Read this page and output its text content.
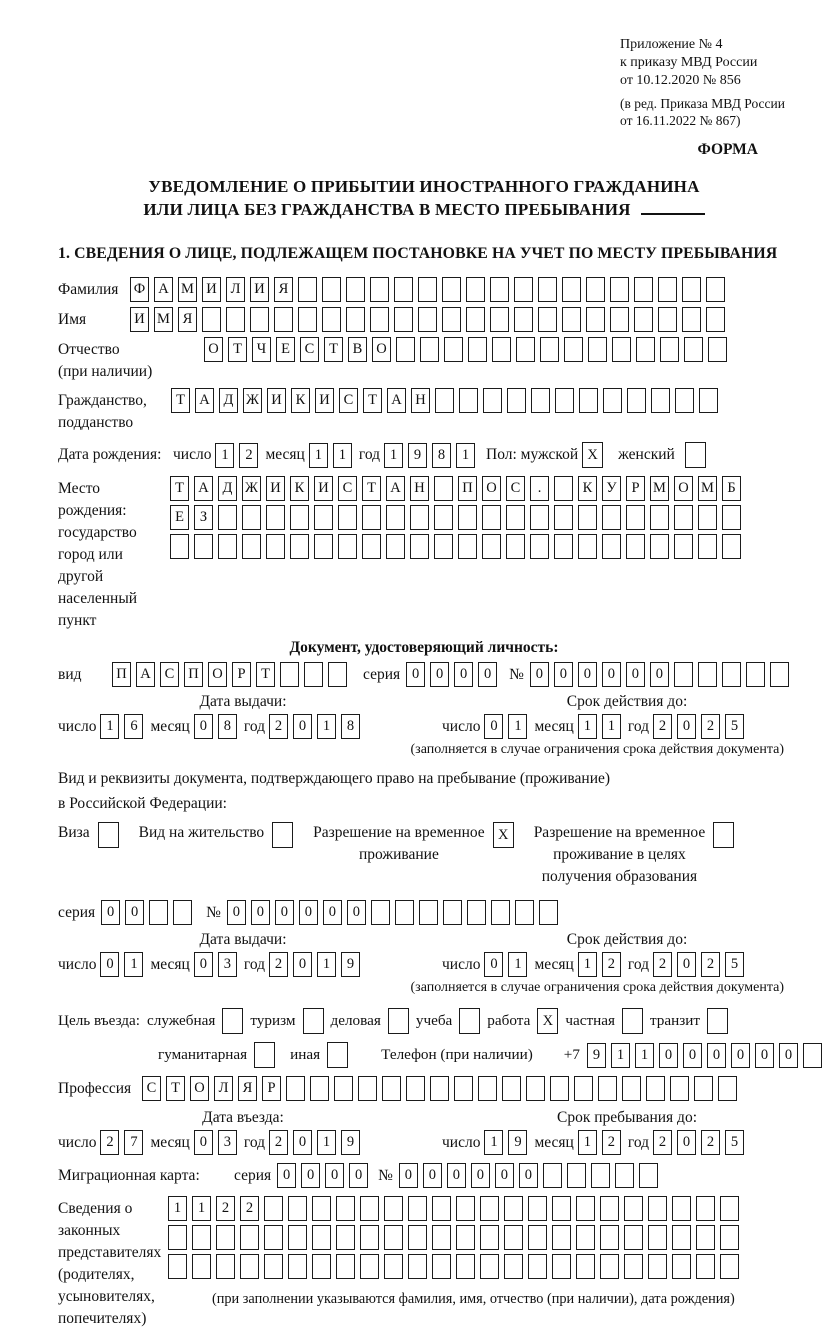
Приложение № 4
к приказу МВД России
от 10.12.2020 № 856
(в ред. Приказа МВД России
от 16.11.2022 № 867)
ФОРМА
УВЕДОМЛЕНИЕ О ПРИБЫТИИ ИНОСТРАННОГО ГРАЖДАНИНА
ИЛИ ЛИЦА БЕЗ ГРАЖДАНСТВА В МЕСТО ПРЕБЫВАНИЯ
1. СВЕДЕНИЯ О ЛИЦЕ, ПОДЛЕЖАЩЕМ ПОСТАНОВКЕ НА УЧЕТ ПО МЕСТУ ПРЕБЫВАНИЯ
Фамилия	Ф А М И Л И Я
Имя	И М Я
Отчество
(при наличии)
О Т	Ч	Е	С	Т	В О
Гражданство,
подданство
Т А Д Ж И К И С	Т А Н
Дата рождения: число 1	2 месяц 1	1 год 1	9	8	1	Пол: мужской X	женский
Место рождения:
государство
город или другой
населенный пункт
Т А Д Ж И К И С	Т А Н	П О С	.	К У	Р М О М Б
Е	З
Документ, удостоверяющий личность:
вид	П А С П О	Р	Т	серия 0	0	0	0	№ 0	0	0	0	0	0
Дата выдачи:
число 1	6 месяц 0	8 год 2	0	1	8
Срок действия до:
число 0	1 месяц 1	1 год 2	0	2	5
(заполняется в случае ограничения срока действия документа)
Вид и реквизиты документа, подтверждающего право на пребывание (проживание)
в Российской Федерации:
Виза	Вид на жительство	Разрешение на временное
проживание
X	Разрешение на временное
проживание в целях
получения образования
серия 0	0	№ 0	0	0	0	0	0
Дата выдачи:
число 0	1 месяц 0	3 год 2	0	1	9
Срок действия до:
число 0	1 месяц 1	2 год 2	0	2	5
(заполняется в случае ограничения срока действия документа)
Цель въезда: служебная туризм деловая учеба работа X частная транзит
гуманитарная	иная	Телефон (при наличии) +7 9	1	1	0	0	0	0	0	0
Профессия	С	Т О Л Я	Р
Дата въезда:
число 2	7 месяц 0	3 год 2	0	1	9
Срок пребывания до:
число 1	9 месяц 1	2 год 2	0	2	5
Миграционная карта:	серия 0	0	0	0	№ 0	0	0	0	0	0
Сведения о
законных
представителях
(родителях,
усыновителях,
попечителях)
1	1	2	2
(при заполнении указываются фамилия, имя, отчество (при наличии), дата рождения)
